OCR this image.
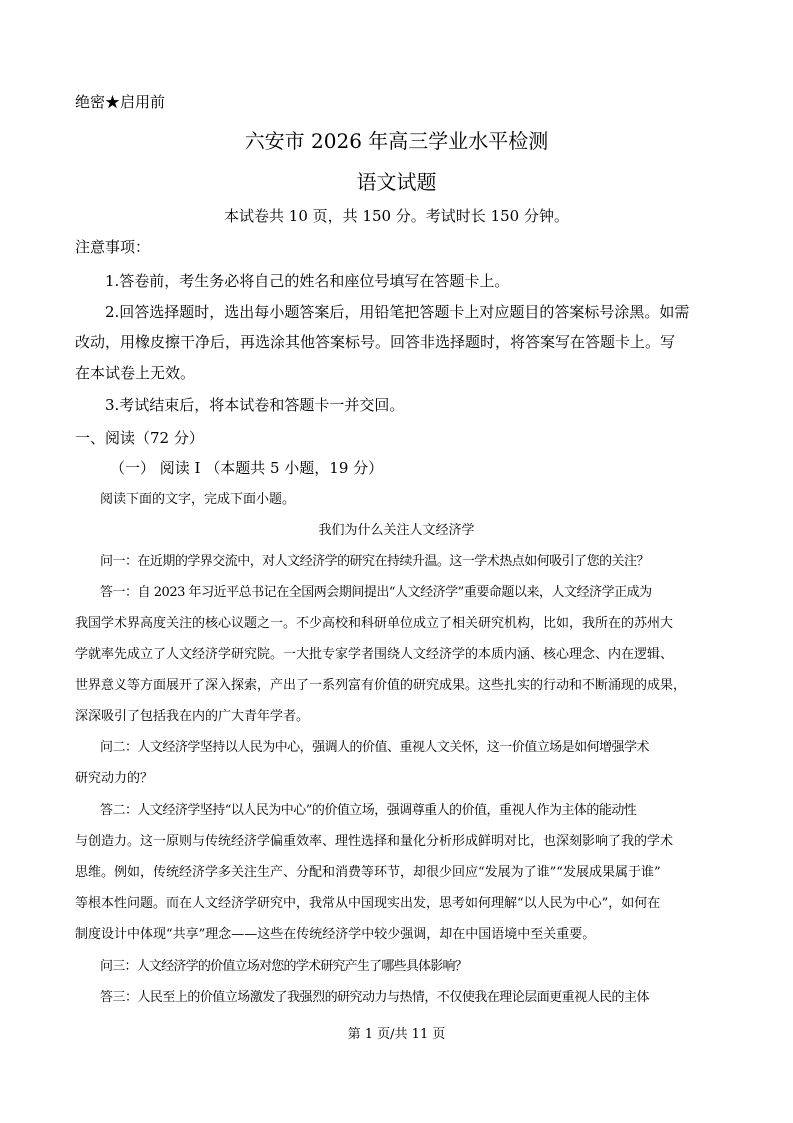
绝密★启用前
六安市 2026 年高三学业水平检测
语文试题
本试卷共 10 页，共 150 分。考试时长 150 分钟。
注意事项：
1.答卷前，考生务必将自己的姓名和座位号填写在答题卡上。
2.回答选择题时，选出每小题答案后，用铅笔把答题卡上对应题目的答案标号涂黑。如需
改动，用橡皮擦干净后，再选涂其他答案标号。回答非选择题时，将答案写在答题卡上。写
在本试卷上无效。
3.考试结束后，将本试卷和答题卡一并交回。
一、阅读（72 分）
（一） 阅读 I （本题共 5 小题，19 分）
阅读下面的文字，完成下面小题。
我们为什么关注人文经济学
问一：在近期的学界交流中，对人文经济学的研究在持续升温。这一学术热点如何吸引了您的关注？
答一：自 2023 年习近平总书记在全国两会期间提出“人文经济学”重要命题以来，人文经济学正成为
我国学术界高度关注的核心议题之一。不少高校和科研单位成立了相关研究机构，比如，我所在的苏州大
学就率先成立了人文经济学研究院。一大批专家学者围绕人文经济学的本质内涵、核心理念、内在逻辑、
世界意义等方面展开了深入探索，产出了一系列富有价值的研究成果。这些扎实的行动和不断涌现的成果，
深深吸引了包括我在内的广大青年学者。
问二：人文经济学坚持以人民为中心，强调人的价值、重视人文关怀，这一价值立场是如何增强学术
研究动力的？
答二：人文经济学坚持“以人民为中心”的价值立场，强调尊重人的价值，重视人作为主体的能动性
与创造力。这一原则与传统经济学偏重效率、理性选择和量化分析形成鲜明对比，也深刻影响了我的学术
思维。例如，传统经济学多关注生产、分配和消费等环节，却很少回应“发展为了谁”“发展成果属于谁”
等根本性问题。而在人文经济学研究中，我常从中国现实出发，思考如何理解“以人民为中心”，如何在
制度设计中体现“共享”理念——这些在传统经济学中较少强调，却在中国语境中至关重要。
问三：人文经济学的价值立场对您的学术研究产生了哪些具体影响？
答三：人民至上的价值立场激发了我强烈的研究动力与热情，不仅使我在理论层面更重视人民的主体
第 1 页/共 11 页
